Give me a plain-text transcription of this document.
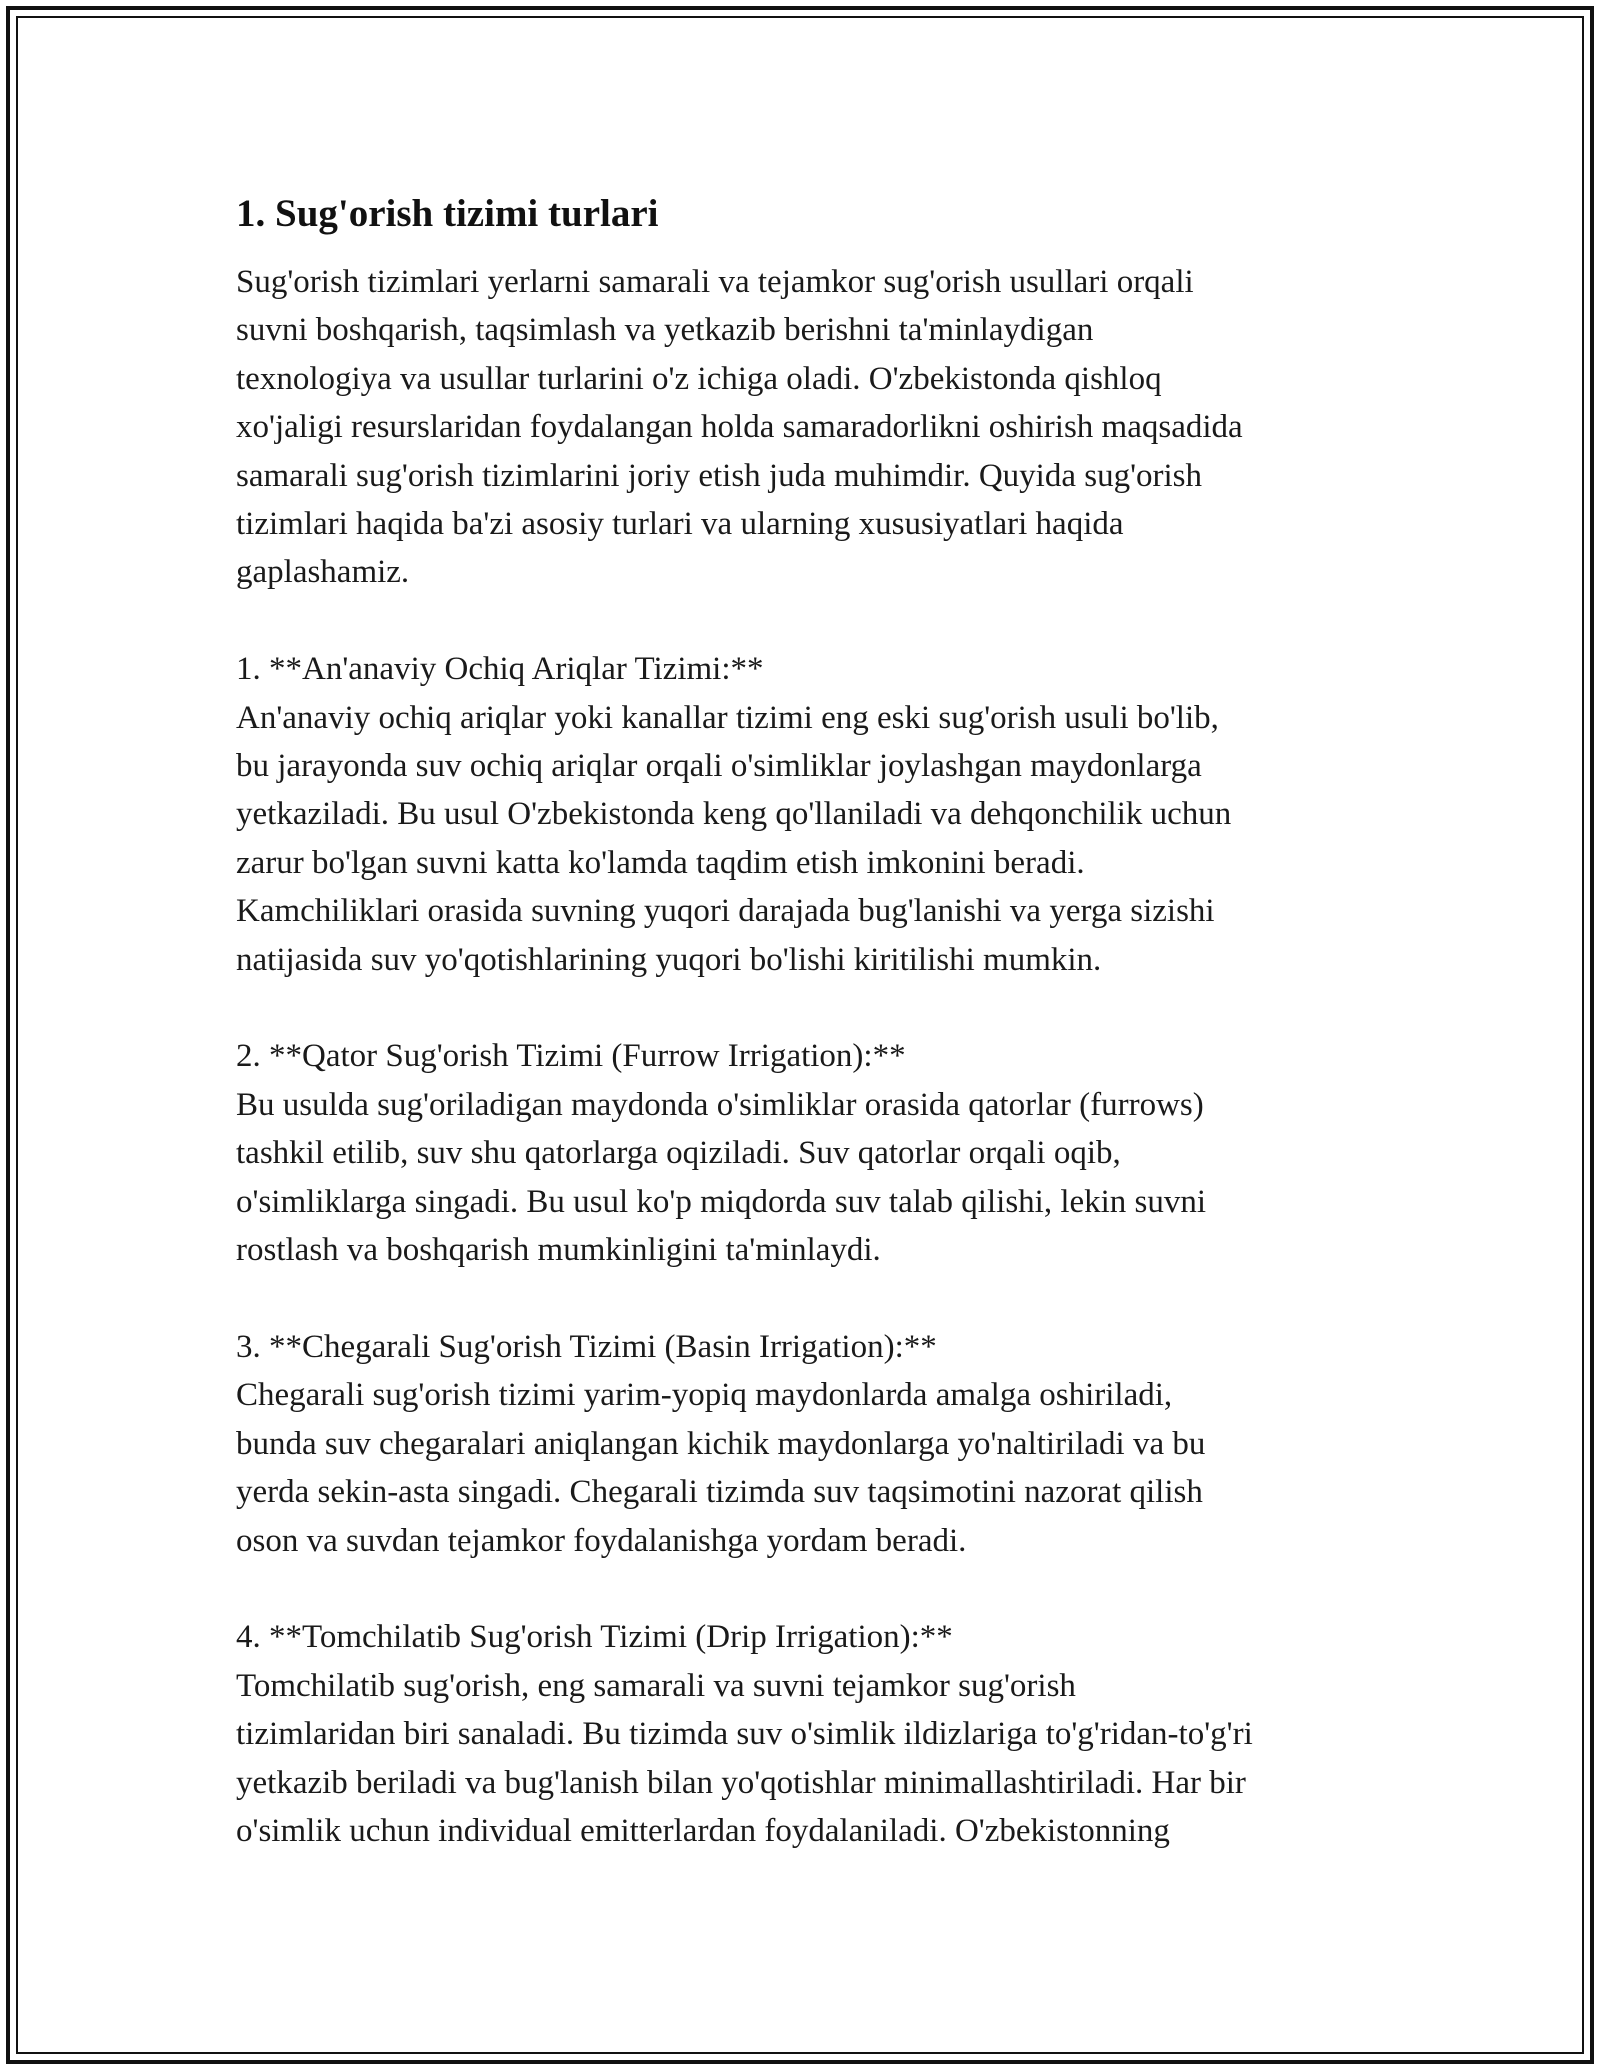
1. Sug'orish tizimi turlari

Sug'orish tizimlari yerlarni samarali va tejamkor sug'orish usullari orqali
suvni boshqarish, taqsimlash va yetkazib berishni ta'minlaydigan
texnologiya va usullar turlarini o'z ichiga oladi. O'zbekistonda qishloq
xo'jaligi resurslaridan foydalangan holda samaradorlikni oshirish maqsadida
samarali sug'orish tizimlarini joriy etish juda muhimdir. Quyida sug'orish
tizimlari haqida ba'zi asosiy turlari va ularning xususiyatlari haqida
gaplashamiz.

1. **An'anaviy Ochiq Ariqlar Tizimi:**
An'anaviy ochiq ariqlar yoki kanallar tizimi eng eski sug'orish usuli bo'lib,
bu jarayonda suv ochiq ariqlar orqali o'simliklar joylashgan maydonlarga
yetkaziladi. Bu usul O'zbekistonda keng qo'llaniladi va dehqonchilik uchun
zarur bo'lgan suvni katta ko'lamda taqdim etish imkonini beradi.
Kamchiliklari orasida suvning yuqori darajada bug'lanishi va yerga sizishi
natijasida suv yo'qotishlarining yuqori bo'lishi kiritilishi mumkin.
2. **Qator Sug'orish Tizimi (Furrow Irrigation):**
Bu usulda sug'oriladigan maydonda o'simliklar orasida qatorlar (furrows)
tashkil etilib, suv shu qatorlarga oqiziladi. Suv qatorlar orqali oqib,
o'simliklarga singadi. Bu usul ko'p miqdorda suv talab qilishi, lekin suvni
rostlash va boshqarish mumkinligini ta'minlaydi.
3. **Chegarali Sug'orish Tizimi (Basin Irrigation):**
Chegarali sug'orish tizimi yarim-yopiq maydonlarda amalga oshiriladi,
bunda suv chegaralari aniqlangan kichik maydonlarga yo'naltiriladi va bu
yerda sekin-asta singadi. Chegarali tizimda suv taqsimotini nazorat qilish
oson va suvdan tejamkor foydalanishga yordam beradi.
4. **Tomchilatib Sug'orish Tizimi (Drip Irrigation):**
Tomchilatib sug'orish, eng samarali va suvni tejamkor sug'orish
tizimlaridan biri sanaladi. Bu tizimda suv o'simlik ildizlariga to'g'ridan-to'g'ri
yetkazib beriladi va bug'lanish bilan yo'qotishlar minimallashtiriladi. Har bir
o'simlik uchun individual emitterlardan foydalaniladi. O'zbekistonning
